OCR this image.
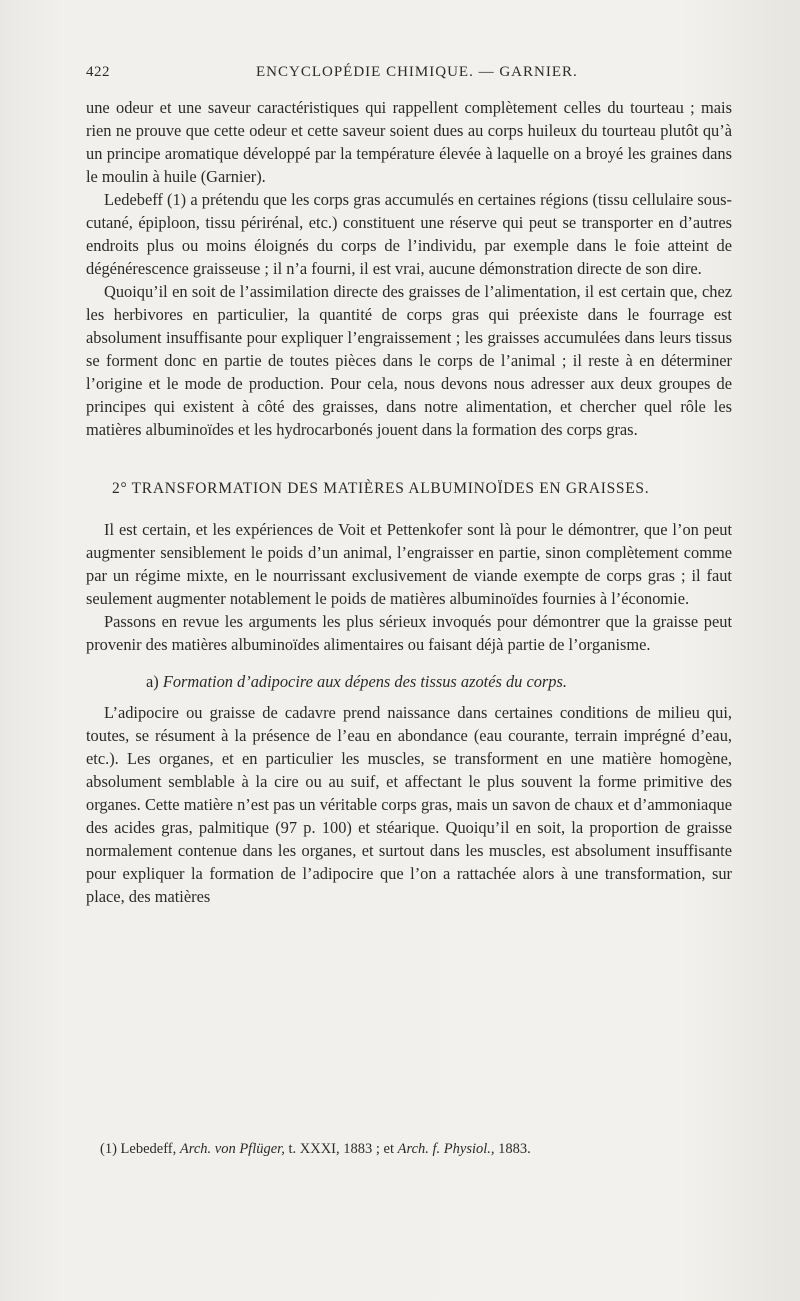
422	ENCYCLOPÉDIE CHIMIQUE. — GARNIER.

une odeur et une saveur caractéristiques qui rappellent complètement celles du tourteau ; mais rien ne prouve que cette odeur et cette saveur soient dues au corps huileux du tourteau plutôt qu’à un principe aromatique développé par la température élevée à laquelle on a broyé les graines dans le moulin à huile (Garnier).

Ledebeff (1) a prétendu que les corps gras accumulés en certaines régions (tissu cellulaire sous-cutané, épiploon, tissu périrénal, etc.) constituent une réserve qui peut se transporter en d’autres endroits plus ou moins éloignés du corps de l’individu, par exemple dans le foie atteint de dégénérescence graisseuse ; il n’a fourni, il est vrai, aucune démonstration directe de son dire.

Quoiqu’il en soit de l’assimilation directe des graisses de l’alimentation, il est certain que, chez les herbivores en particulier, la quantité de corps gras qui préexiste dans le fourrage est absolument insuffisante pour expliquer l’engraissement ; les graisses accumulées dans leurs tissus se forment donc en partie de toutes pièces dans le corps de l’animal ; il reste à en déterminer l’origine et le mode de production. Pour cela, nous devons nous adresser aux deux groupes de principes qui existent à côté des graisses, dans notre alimentation, et chercher quel rôle les matières albuminoïdes et les hydrocarbonés jouent dans la formation des corps gras.

2° TRANSFORMATION DES MATIÈRES ALBUMINOÏDES EN GRAISSES.

Il est certain, et les expériences de Voit et Pettenkofer sont là pour le démontrer, que l’on peut augmenter sensiblement le poids d’un animal, l’engraisser en partie, sinon complètement comme par un régime mixte, en le nourrissant exclusivement de viande exempte de corps gras ; il faut seulement augmenter notablement le poids de matières albuminoïdes fournies à l’économie.

Passons en revue les arguments les plus sérieux invoqués pour démontrer que la graisse peut provenir des matières albuminoïdes alimentaires ou faisant déjà partie de l’organisme.

a) Formation d’adipocire aux dépens des tissus azotés du corps.

L’adipocire ou graisse de cadavre prend naissance dans certaines conditions de milieu qui, toutes, se résument à la présence de l’eau en abondance (eau courante, terrain imprégné d’eau, etc.). Les organes, et en particulier les muscles, se transforment en une matière homogène, absolument semblable à la cire ou au suif, et affectant le plus souvent la forme primitive des organes. Cette matière n’est pas un véritable corps gras, mais un savon de chaux et d’ammoniaque des acides gras, palmitique (97 p. 100) et stéarique. Quoiqu’il en soit, la proportion de graisse normalement contenue dans les organes, et surtout dans les muscles, est absolument insuffisante pour expliquer la formation de l’adipocire que l’on a rattachée alors à une transformation, sur place, des matières

(1) Lebedeff, Arch. von Pflüger, t. XXXI, 1883 ; et Arch. f. Physiol., 1883.
